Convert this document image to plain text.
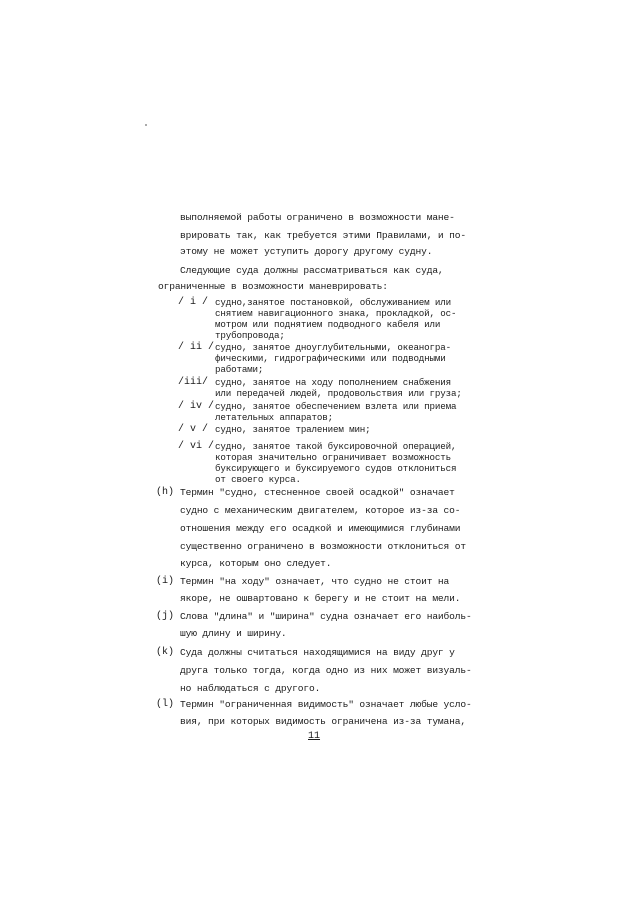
выполняемой работы ограничено в возможности мане-
врировать так, как требуется этими Правилами, и по-
этому не может уступить дорогу другому судну.
Следующие суда должны рассматриваться как суда,
ограниченные в возможности маневрировать:
/ i / судно,занятое постановкой, обслуживанием или
снятием навигационного знака, прокладкой, ос-
мотром или поднятием подводного кабеля или
трубопровода;
/ ii / судно, занятое дноуглубительными, океаногра-
фическими, гидрографическими или подводными
работами;
/iii/ судно, занятое на ходу пополнением снабжения
или передачей людей, продовольствия или груза;
/ iv / судно, занятое обеспечением взлета или приема
летательных аппаратов;
/ v / судно, занятое тралением мин;
/ vi / судно, занятое такой буксировочной операцией,
которая значительно ограничивает возможность
буксирующего и буксируемого судов отклониться
от своего курса.
(h) Термин "судно, стесненное своей осадкой" означает
судно с механическим двигателем, которое из-за со-
отношения между его осадкой и имеющимися глубинами
существенно ограничено в возможности отклониться от
курса, которым оно следует.
(i) Термин "на ходу" означает, что судно не стоит на
якоре, не ошвартовано к берегу и не стоит на мели.
(j) Слова "длина" и "ширина" судна означает его наиболь-
шую длину и ширину.
(k) Суда должны считаться находящимися на виду друг у
друга только тогда, когда одно из них может визуаль-
но наблюдаться с другого.
(l) Термин "ограниченная видимость" означает любые усло-
вия, при которых видимость ограничена из-за тумана,
11
